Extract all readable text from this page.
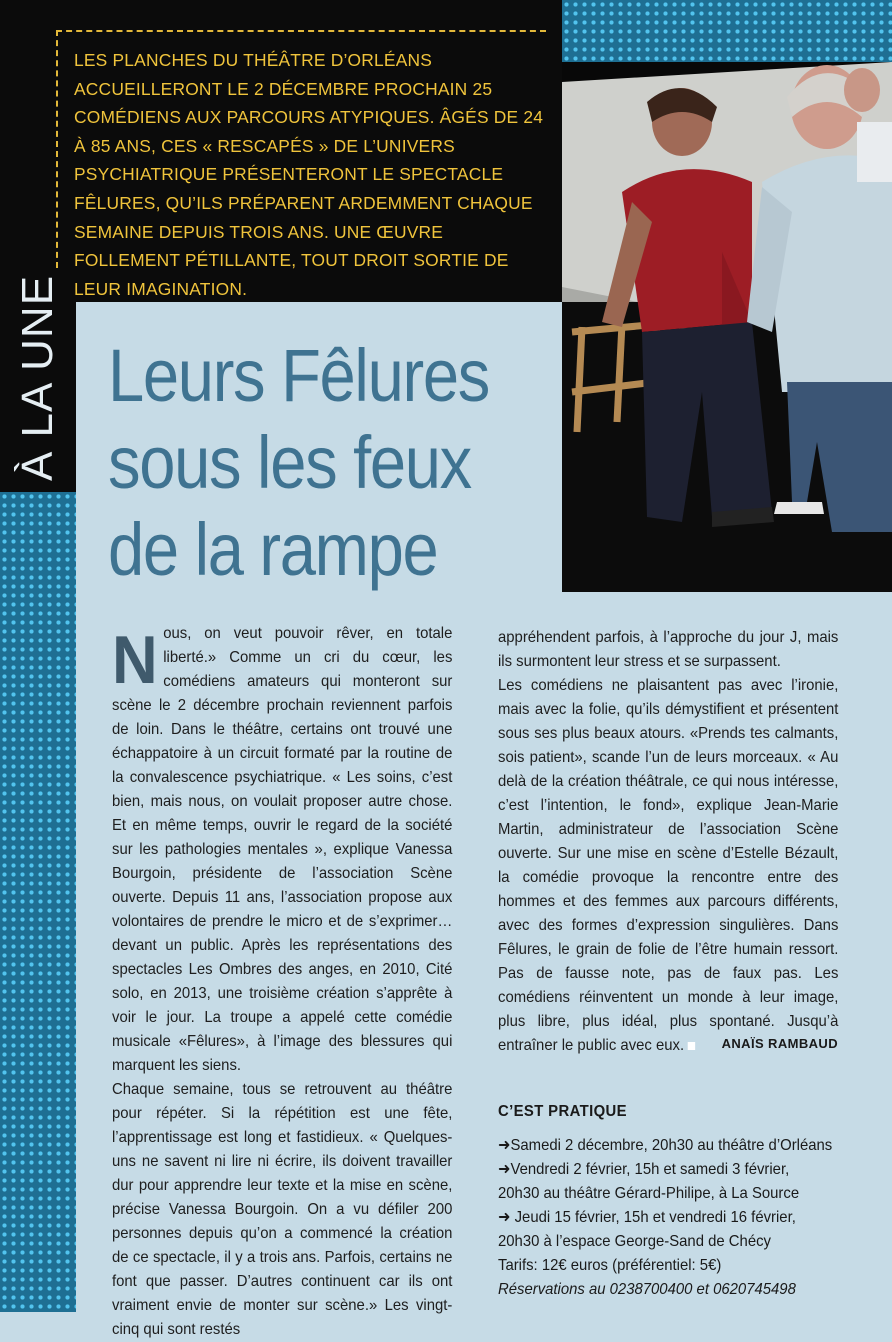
LES PLANCHES DU THÉÂTRE D’ORLÉANS ACCUEILLERONT LE 2 DÉCEMBRE PROCHAIN 25 COMÉDIENS AUX PARCOURS ATYPIQUES. ÂGÉS DE 24 À 85 ANS, CES « RESCAPÉS » DE L’UNIVERS PSYCHIATRIQUE PRÉSENTERONT LE SPECTACLE FÊLURES, QU’ILS PRÉPARENT ARDEMMENT CHAQUE SEMAINE DEPUIS TROIS ANS. UNE ŒUVRE FOLLEMENT PÉTILLANTE, TOUT DROIT SORTIE DE LEUR IMAGINATION.

À LA UNE Leurs Fêlures
sous les feux
de la rampe
N ous, on veut pouvoir rêver, en totale liberté.» Comme un cri du cœur, les comédiens amateurs qui monteront sur scène le 2 décembre prochain reviennent parfois de loin. Dans le théâtre, certains ont trouvé une échappatoire à un circuit formaté par la routine de la convalescence psychiatrique. « Les soins, c’est bien, mais nous, on voulait proposer autre chose. Et en même temps, ouvrir le regard de la société sur les pathologies mentales », explique Vanessa Bourgoin, présidente de l’association Scène ouverte. Depuis 11 ans, l’association propose aux volontaires de prendre le micro et de s’exprimer… devant un public. Après les représentations des spectacles Les Ombres des anges, en 2010, Cité solo, en 2013, une troisième création s’apprête à voir le jour. La troupe a appelé cette comédie musicale «Fêlures», à l’image des blessures qui marquent les siens.

Chaque semaine, tous se retrouvent au théâtre pour répéter. Si la répétition est une fête, l’apprentissage est long et fastidieux. « Quelques-uns ne savent ni lire ni écrire, ils doivent travailler dur pour apprendre leur texte et la mise en scène, précise Vanessa Bourgoin. On a vu défiler 200 personnes depuis qu’on a commencé la création de ce spectacle, il y a trois ans. Parfois, certains ne font que passer. D’autres continuent car ils ont vraiment envie de monter sur scène.» Les vingt-cinq qui sont restés

appréhendent parfois, à l’approche du jour J, mais ils surmontent leur stress et se surpassent.

Les comédiens ne plaisantent pas avec l’ironie, mais avec la folie, qu’ils démystifient et présentent sous ses plus beaux atours. «Prends tes calmants, sois patient», scande l’un de leurs morceaux. « Au delà de la création théâtrale, ce qui nous intéresse, c’est l’intention, le fond», explique Jean-Marie Martin, administrateur de l’association Scène ouverte. Sur une mise en scène d’Estelle Bézault, la comédie provoque la rencontre entre des hommes et des femmes aux parcours différents, avec des formes d’expression singulières. Dans Fêlures, le grain de folie de l’être humain ressort. Pas de fausse note, pas de faux pas. Les comédiens réinventent un monde à leur image, plus libre, plus idéal, plus spontané. Jusqu’à entraîner le public avec eux.	ANAÏS RAMBAUD
C’EST PRATIQUE

➜Samedi 2 décembre, 20h30 au théâtre d’Orléans

➜Vendredi 2 février, 15h et samedi 3 février, 20h30 au théâtre Gérard-Philipe, à La Source

➜ Jeudi 15 février, 15h et vendredi 16 février, 20h30 à l’espace George-Sand de Chécy

Tarifs: 12€ euros (préférentiel: 5€)

Réservations au 0238700400 et 0620745498
